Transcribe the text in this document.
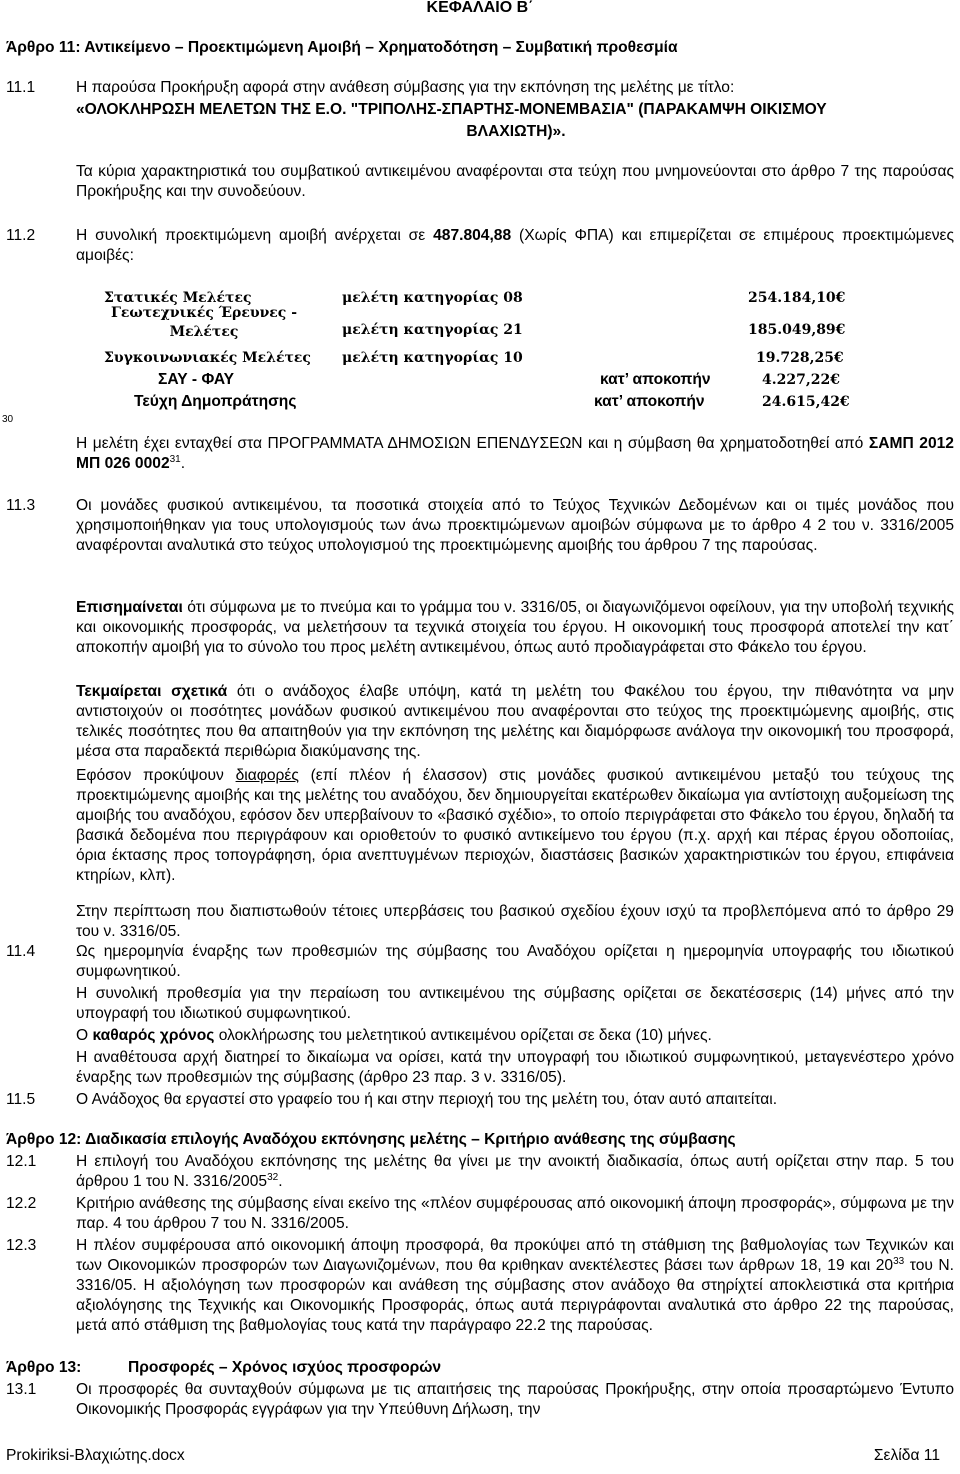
ΚΕΦΑΛΑΙΟ Β΄
Άρθρο 11: Αντικείμενο – Προεκτιμώμενη Αμοιβή – Χρηματοδότηση – Συμβατική προθεσμία
11.1	Η παρούσα Προκήρυξη αφορά στην ανάθεση σύμβασης για την εκπόνηση της μελέτης με τίτλο:
«ΟΛΟΚΛΗΡΩΣΗ ΜΕΛΕΤΩΝ ΤΗΣ Ε.Ο. "ΤΡΙΠΟΛΗΣ-ΣΠΑΡΤΗΣ-ΜΟΝΕΜΒΑΣΙΑ" (ΠΑΡΑΚΑΜΨΗ ΟΙΚΙΣΜΟΥ
ΒΛΑΧΙΩΤΗ)».
Τα κύρια χαρακτηριστικά του συμβατικού αντικειμένου αναφέρονται στα τεύχη που μνημονεύονται στο άρθρο 7 της παρούσας Προκήρυξης και την συνοδεύουν.
11.2	Η συνολική προεκτιμώμενη αμοιβή ανέρχεται σε 487.804,88 (Χωρίς ΦΠΑ) και επιμερίζεται σε επιμέρους προεκτιμώμενες αμοιβές:
Στατικές Μελέτες	μελέτη κατηγορίας 08	254.184,10€
Γεωτεχνικές Έρευνες - Μελέτες	μελέτη κατηγορίας 21	185.049,89€
Συγκοινωνιακές Μελέτες μελέτη κατηγορίας 10	19.728,25€
ΣΑΥ - ΦΑΥ	κατ’ αποκοπήν	4.227,22€
Τεύχη Δημοπράτησης	κατ’ αποκοπήν	24.615,42€
30
Η μελέτη έχει ενταχθεί στα ΠΡΟΓΡΑΜΜΑΤΑ ΔΗΜΟΣΙΩΝ ΕΠΕΝΔΥΣΕΩΝ και η σύμβαση θα χρηματοδοτηθεί από ΣΑΜΠ 2012 ΜΠ 026 0002$^{31}$.
11.3	Οι μονάδες φυσικού αντικειμένου, τα ποσοτικά στοιχεία από το Τεύχος Τεχνικών Δεδομένων και οι τιμές μονάδος που χρησιμοποιήθηκαν για τους υπολογισμούς των άνω προεκτιμώμενων αμοιβών σύμφωνα με το άρθρο 4 2 του ν. 3316/2005 αναφέρονται αναλυτικά στο τεύχος υπολογισμού της προεκτιμώμενης αμοιβής του άρθρου 7 της παρούσας.
Επισημαίνεται ότι σύμφωνα με το πνεύμα και το γράμμα του ν. 3316/05, οι διαγωνιζόμενοι οφείλουν, για την υποβολή τεχνικής και οικονομικής προσφοράς, να μελετήσουν τα τεχνικά στοιχεία του έργου. Η οικονομική τους προσφορά αποτελεί την κατ΄ αποκοπήν αμοιβή για το σύνολο του προς μελέτη αντικειμένου, όπως αυτό προδιαγράφεται στο Φάκελο του έργου.
Τεκμαίρεται σχετικά ότι ο ανάδοχος έλαβε υπόψη, κατά τη μελέτη του Φακέλου του έργου, την πιθανότητα να μην αντιστοιχούν οι ποσότητες μονάδων φυσικού αντικειμένου που αναφέρονται στο τεύχος της προεκτιμώμενης αμοιβής, στις τελικές ποσότητες που θα απαιτηθούν για την εκπόνηση της μελέτης και διαμόρφωσε ανάλογα την οικονομική του προσφορά, μέσα στα παραδεκτά περιθώρια διακύμανσης της.
Εφόσον προκύψουν διαφορές (επί πλέον ή έλασσον) στις μονάδες φυσικού αντικειμένου μεταξύ του τεύχους της προεκτιμώμενης αμοιβής και της μελέτης του αναδόχου, δεν δημιουργείται εκατέρωθεν δικαίωμα για αντίστοιχη αυξομείωση της αμοιβής του αναδόχου, εφόσον δεν υπερβαίνουν το «βασικό σχέδιο», το οποίο περιγράφεται στο Φάκελο του έργου, δηλαδή τα βασικά δεδομένα που περιγράφουν και οριοθετούν το φυσικό αντικείμενο του έργου (π.χ. αρχή και πέρας έργου οδοποιίας, όρια έκτασης προς τοπογράφηση, όρια ανεπτυγμένων περιοχών, διαστάσεις βασικών χαρακτηριστικών του έργου, επιφάνεια κτηρίων, κλπ).
Στην περίπτωση που διαπιστωθούν τέτοιες υπερβάσεις του βασικού σχεδίου έχουν ισχύ τα προβλεπόμενα από το άρθρο 29 του ν. 3316/05.
11.4	Ως ημερομηνία έναρξης των προθεσμιών της σύμβασης του Αναδόχου ορίζεται η ημερομηνία υπογραφής του ιδιωτικού συμφωνητικού.
Η συνολική προθεσμία για την περαίωση του αντικειμένου της σύμβασης ορίζεται σε δεκατέσσερις (14) μήνες από την υπογραφή του ιδιωτικού συμφωνητικού.
Ο καθαρός χρόνος ολοκλήρωσης του μελετητικού αντικειμένου ορίζεται σε δεκα (10) μήνες.
Η αναθέτουσα αρχή διατηρεί το δικαίωμα να ορίσει, κατά την υπογραφή του ιδιωτικού συμφωνητικού, μεταγενέστερο χρόνο έναρξης των προθεσμιών της σύμβασης (άρθρο 23 παρ. 3 ν. 3316/05).
11.5	Ο Ανάδοχος θα εργαστεί στο γραφείο του ή και στην περιοχή του της μελέτη του, όταν αυτό απαιτείται.
Άρθρο 12: Διαδικασία επιλογής Αναδόχου εκπόνησης μελέτης – Κριτήριο ανάθεσης της σύμβασης
12.1	Η επιλογή του Αναδόχου εκπόνησης της μελέτης θα γίνει με την ανοικτή διαδικασία, όπως αυτή ορίζεται στην παρ. 5 του άρθρου 1 του Ν. 3316/2005$^{32}$.
12.2	Κριτήριο ανάθεσης της σύμβασης είναι εκείνο της «πλέον συμφέρουσας από οικονομική άποψη προσφοράς», σύμφωνα με την παρ. 4 του άρθρου 7 του Ν. 3316/2005.
12.3	Η πλέον συμφέρουσα από οικονομική άποψη προσφορά, θα προκύψει από τη στάθμιση της βαθμολογίας των Τεχνικών και των Οικονομικών προσφορών των Διαγωνιζομένων, που θα κριθηκαν ανεκτέλεστες βάσει των άρθρων 18, 19 και $20^{33}$ του Ν. 3316/05. Η αξιολόγηση των προσφορών και ανάθεση της σύμβασης στον ανάδοχο θα στηρίχτεί αποκλειστικά στα κριτήρια αξιολόγησης της Τεχνικής και Οικονομικής Προσφοράς, όπως αυτά περιγράφονται αναλυτικά στο άρθρο 22 της παρούσας, μετά από στάθμιση της βαθμολογίας τους κατά την παράγραφο 22.2 της παρούσας.
Άρθρο 13:	Προσφορές – Χρόνος ισχύος προσφορών
13.1	Οι προσφορές θα συνταχθούν σύμφωνα με τις απαιτήσεις της παρούσας Προκήρυξης, στην οποία προσαρτώμενο Έντυπο Οικονομικής Προσφοράς εγγράφων για την Υπεύθυνη Δήλωση, την
Prokiriksi-Βλαχιώτης.docx	Σελίδα 11
